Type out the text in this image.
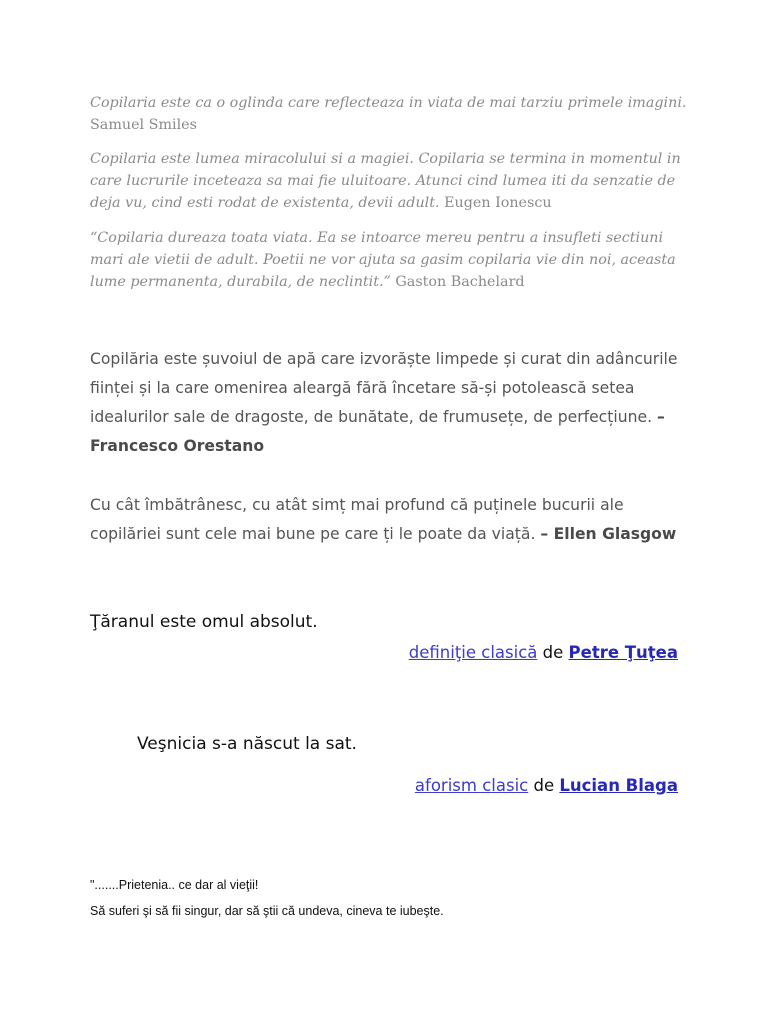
Copilaria este ca o oglinda care reflecteaza in viata de mai tarziu primele imagini. Samuel Smiles

Copilaria este lumea miracolului si a magiei. Copilaria se termina in momentul in care lucrurile inceteaza sa mai fie uluitoare. Atunci cind lumea iti da senzatie de deja vu, cind esti rodat de existenta, devii adult. Eugen Ionescu

“Copilaria dureaza toata viata. Ea se intoarce mereu pentru a insufleti sectiuni mari ale vietii de adult. Poetii ne vor ajuta sa gasim copilaria vie din noi, aceasta lume permanenta, durabila, de neclintit.” Gaston Bachelard

Copilăria este șuvoiul de apă care izvorăște limpede și curat din adâncurile ființei și la care omenirea aleargă fără încetare să-și potolească setea idealurilor sale de dragoste, de bunătate, de frumusețe, de perfecțiune. – Francesco Orestano

Cu cât îmbătrânesc, cu atât simț mai profund că puținele bucurii ale copilăriei sunt cele mai bune pe care ți le poate da viață. – Ellen Glasgow

Ţăranul este omul absolut.

definiţie clasică de Petre Ţuţea

Veşnicia s-a născut la sat.

aforism clasic de Lucian Blaga

".......Prietenia.. ce dar al vieţii!

Să suferi şi să fii singur, dar să ştii că undeva, cineva te iubeşte.
